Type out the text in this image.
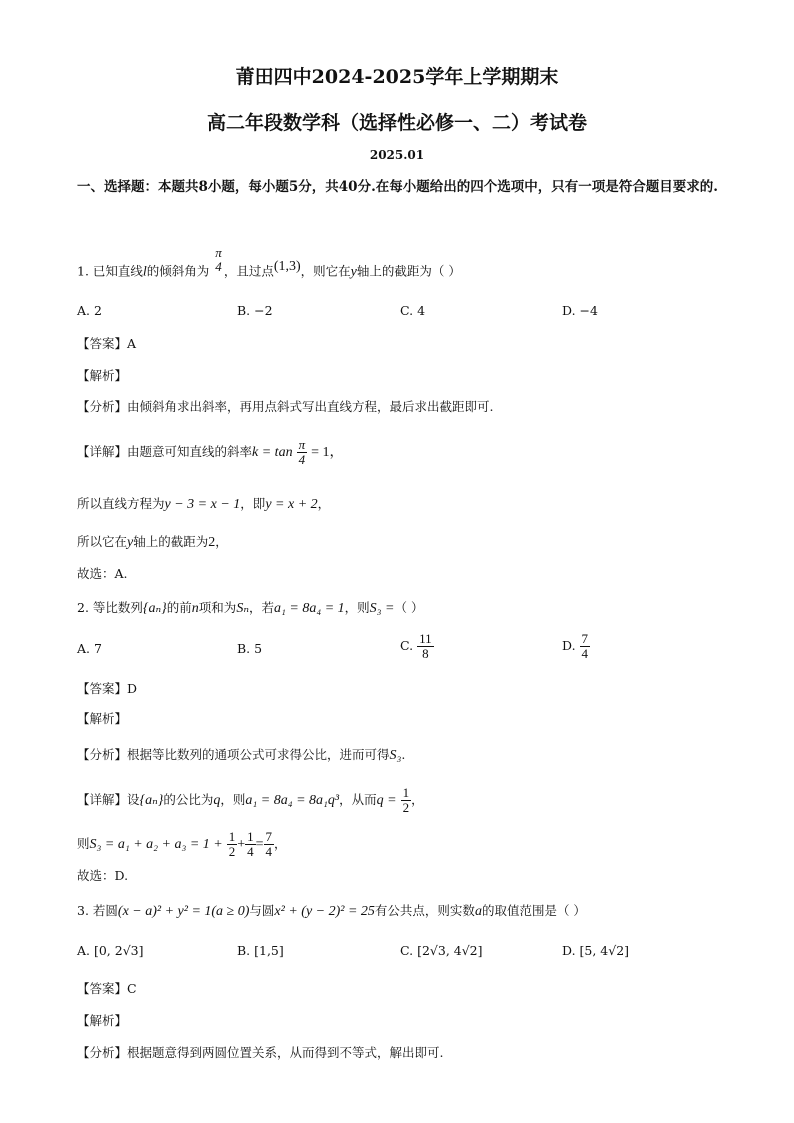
莆田四中2024-2025学年上学期期末
高二年段数学科（选择性必修一、二）考试卷
2025.01
一、选择题：本题共8小题，每小题5分，共40分.在每小题给出的四个选项中，只有一项是符合题目要求的.
1. 已知直线l的倾斜角为
π
4 ，且过点(1,3)，则它在y轴上的截距为（ ）
A. 2	B. −2	C. 4	D. −4
【答案】A
【解析】
【分析】由倾斜角求出斜率，再用点斜式写出直线方程，最后求出截距即可.
【详解】由题意可知直线的斜率$k = \tan \frac{\pi}{4} = 1$，
所以直线方程为y − 3 = x − 1，即y = x + 2，
所以它在y轴上的截距为2，
故选：A.
2. 等比数列{aₙ}的前n项和为Sₙ，若a₁ = 8a₄ = 1，则S₃ =（ ）
A. 7	B. 5	C. $\frac{11}{8}$	D. $\frac{7}{4}$
【答案】D
【解析】
【分析】根据等比数列的通项公式可求得公比，进而可得S₃.
【详解】设{aₙ}的公比为q，则a₁ = 8a₄ = 8a₁q³，从而$q = \frac{1}{2}$ ，
则$S_3 = a_1 + a_2 + a_3 = 1 + \frac{1}{2} + \frac{1}{4} = \frac{7}{4}$ ，
故选：D.
3. 若圆(x − a)² + y² = 1(a ≥ 0)与圆x² + (y − 2)² = 25有公共点，则实数a的取值范围是（ ）
A. [0, 2√3]	B. [1,5]	C. [2√3, 4√2]	D. [5, 4√2]
【答案】C
【解析】
【分析】根据题意得到两圆位置关系，从而得到不等式，解出即可.
